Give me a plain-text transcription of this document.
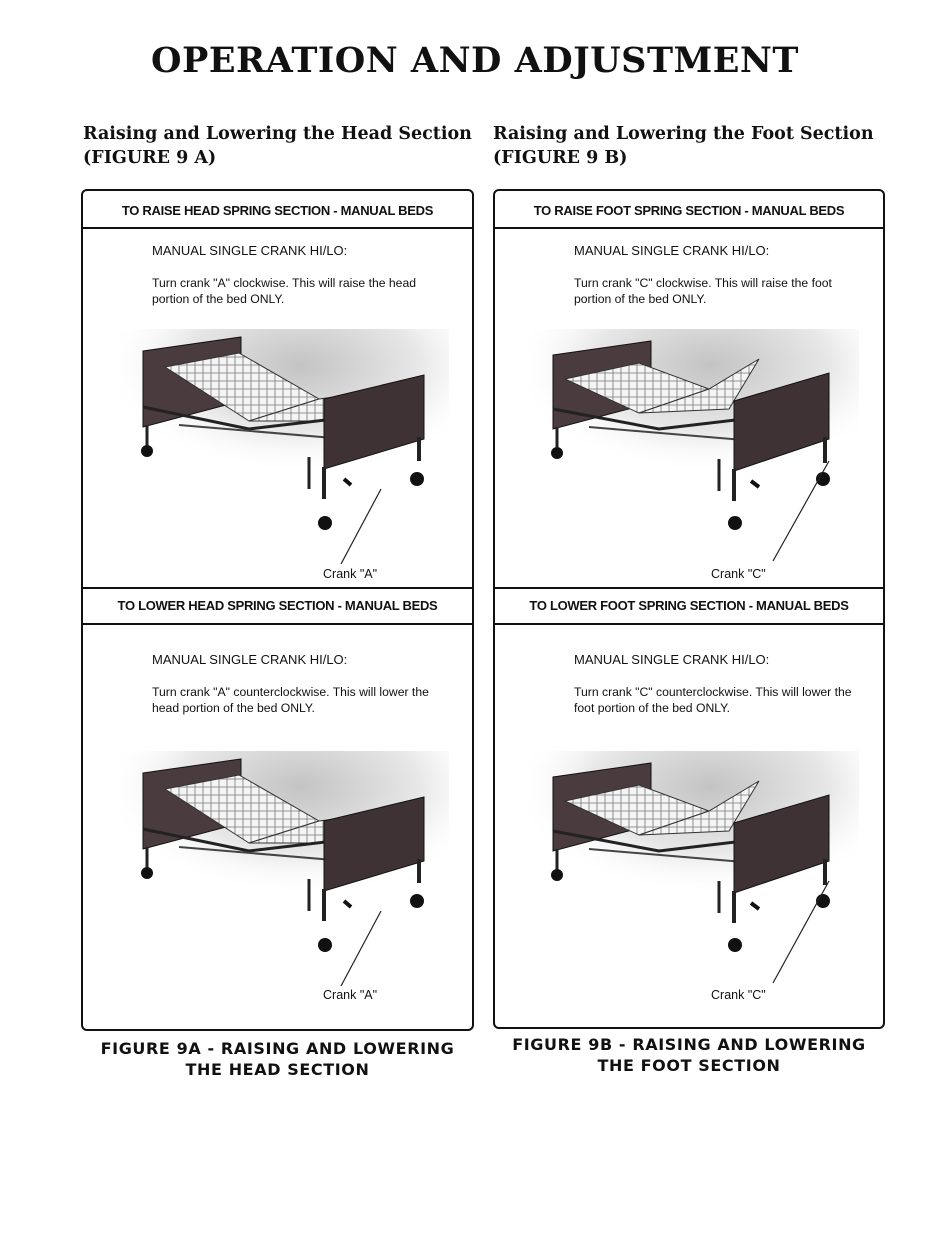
OPERATION AND ADJUSTMENT
Raising and Lowering the Head Section
(FIGURE 9 A)
Raising and Lowering the Foot Section
(FIGURE 9 B)
TO RAISE HEAD SPRING SECTION - MANUAL BEDS
MANUAL SINGLE CRANK HI/LO:
Turn crank "A" clockwise. This will raise the head portion of the bed ONLY.
Crank "A"
TO LOWER HEAD SPRING SECTION - MANUAL BEDS
MANUAL SINGLE CRANK HI/LO:
Turn crank "A" counterclockwise. This will lower the head portion of the bed ONLY.
Crank "A"
TO RAISE FOOT SPRING SECTION - MANUAL BEDS
MANUAL SINGLE CRANK HI/LO:
Turn crank "C" clockwise. This will raise the foot portion of the bed ONLY.
Crank "C"
TO LOWER FOOT SPRING SECTION - MANUAL BEDS
MANUAL SINGLE CRANK HI/LO:
Turn crank "C" counterclockwise. This will lower the foot portion of the bed ONLY.
Crank "C"
FIGURE 9A - RAISING AND LOWERING
THE HEAD SECTION
FIGURE 9B - RAISING AND LOWERING
THE FOOT SECTION
